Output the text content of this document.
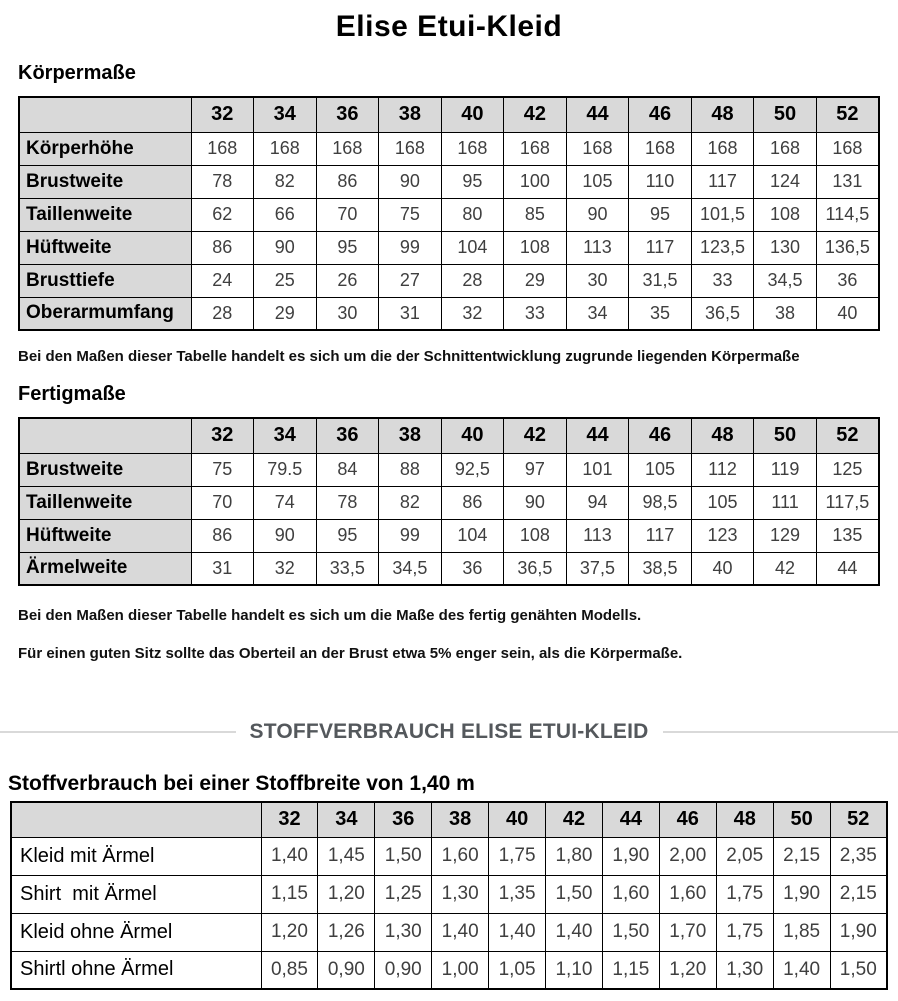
Elise Etui-Kleid
Körpermaße
	32	34	36	38	40	42	44	46	48	50	52
Körperhöhe	168	168	168	168	168	168	168	168	168	168	168
Brustweite	78	82	86	90	95	100	105	110	117	124	131
Taillenweite	62	66	70	75	80	85	90	95	101,5	108	114,5
Hüftweite	86	90	95	99	104	108	113	117	123,5	130	136,5
Brusttiefe	24	25	26	27	28	29	30	31,5	33	34,5	36
Oberarmumfang	28	29	30	31	32	33	34	35	36,5	38	40

Bei den Maßen dieser Tabelle handelt es sich um die der Schnittentwicklung zugrunde liegenden Körpermaße

Fertigmaße
	32	34	36	38	40	42	44	46	48	50	52
Brustweite	75	79.5	84	88	92,5	97	101	105	112	119	125
Taillenweite	70	74	78	82	86	90	94	98,5	105	111	117,5
Hüftweite	86	90	95	99	104	108	113	117	123	129	135
Ärmelweite	31	32	33,5	34,5	36	36,5	37,5	38,5	40	42	44

Bei den Maßen dieser Tabelle handelt es sich um die Maße des fertig genähten Modells.

Für einen guten Sitz sollte das Oberteil an der Brust etwa 5% enger sein, als die Körpermaße.

STOFFVERBRAUCH ELISE ETUI-KLEID
Stoffverbrauch bei einer Stoffbreite von 1,40 m
	32	34	36	38	40	42	44	46	48	50	52
Kleid mit Ärmel	1,40	1,45	1,50	1,60	1,75	1,80	1,90	2,00	2,05	2,15	2,35
Shirt  mit Ärmel	1,15	1,20	1,25	1,30	1,35	1,50	1,60	1,60	1,75	1,90	2,15
Kleid ohne Ärmel	1,20	1,26	1,30	1,40	1,40	1,40	1,50	1,70	1,75	1,85	1,90
Shirtl ohne Ärmel	0,85	0,90	0,90	1,00	1,05	1,10	1,15	1,20	1,30	1,40	1,50
